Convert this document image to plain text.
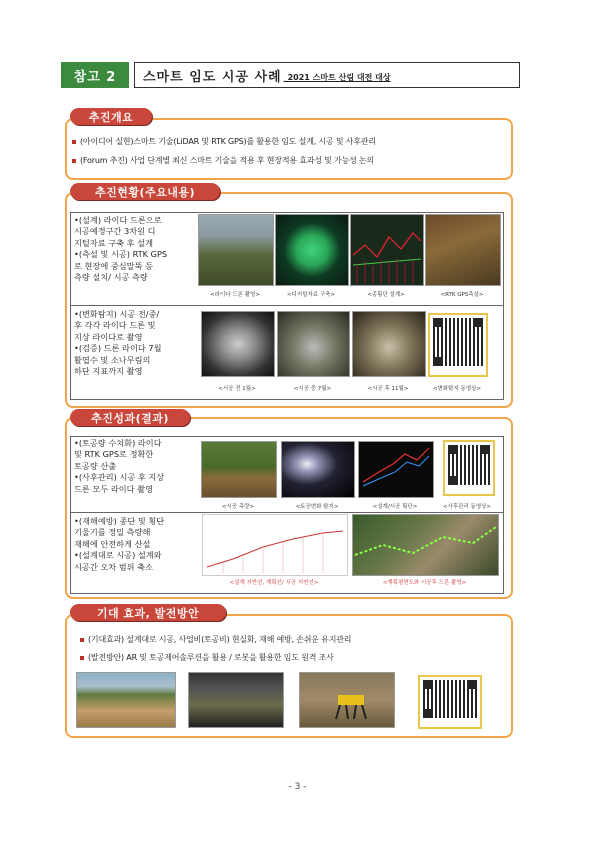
참고 2	스마트 임도 시공 사례 _2021 스마트 산림 대전 대상
추진개요
(아이디어 실현)스마트 기술(LiDAR 및 RTK GPS)를 활용한 임도 설계, 시공 및 사후관리
(Forum 추진) 사업 단계별 최신 스마트 기술을 적용 후 현장적용 효과성 및 가능성 논의
추진현황(주요내용)
•(설계) 라이다 드론으로
시공예정구간 3차원 디
지털자료 구축 후 설계
•(측설 및 시공) RTK GPS
로 현장에 중심말뚝 등
측량 설치/ 시공 측량
<라이다 드론 촬영>	<디지털자료 구축>	<종횡단 설계>	<RTK GPS측설>
•(변화탐지) 시공 전/중/
후 각각 라이다 드론 및
지상 라이다로 촬영
•(검증) 드론 라이다 7월
활엽수 및 소나무림의
하단 지표까지 촬영
<시공 전 1월>	<시공 중 7월>	<시공 후 11월>	<변화탐지 동영상>
추진성과(결과)
•(토공량 수치화) 라이다
및 RTK GPS로 정확한
토공량 산출
•(사후관리) 시공 후 지상
드론 모두 라이다 촬영
<시공 측량>	<토공변화 탐지>	<설계/시공 횡단>	<사후관리 동영상>
•(재해예방) 종단 및 횡단
기울기를 정밀 측량해
재해에 안전하게 산설
•(설계대로 시공) 설계와
시공간 오차 범위 축소
<설계 지반선, 계획선/ 시공 지반선>	<계획평면도와 시공후 드론 촬영>
기대 효과, 발전방안
(기대효과) 설계대로 시공, 사업비(토공비) 현실화, 재해 예방, 손쉬운 유지관리
(발전방안) AR 및 토공제어솔루션을 활용 / 로봇을 활용한 임도 원격 조사
- 3 -
